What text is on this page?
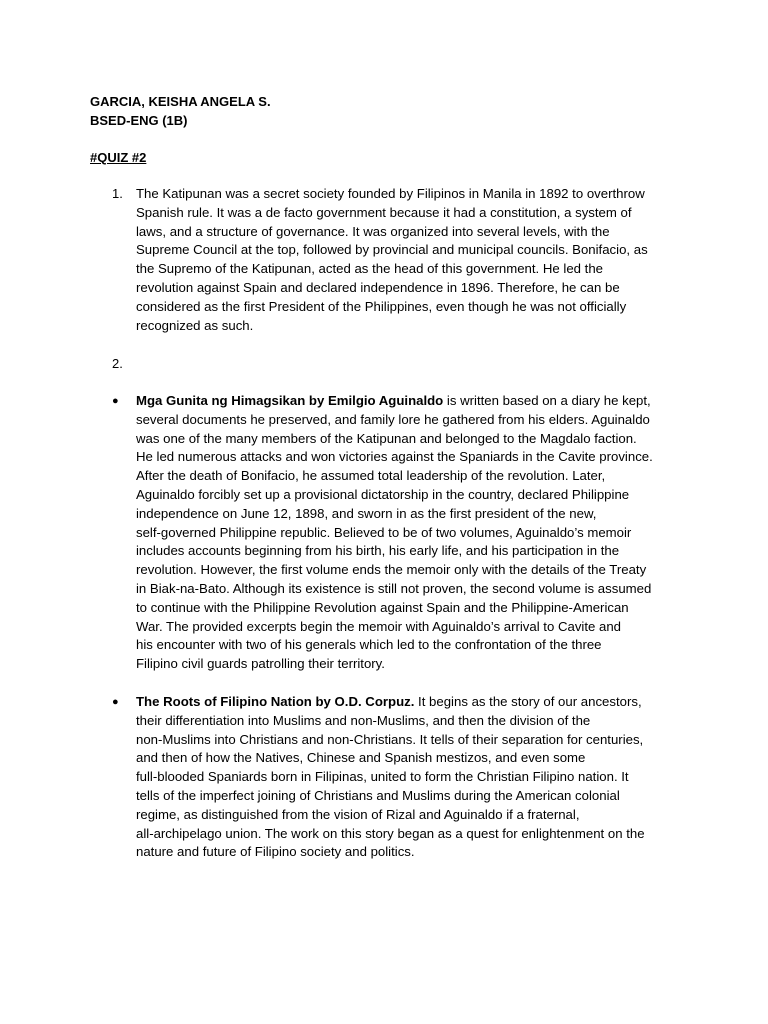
GARCIA, KEISHA ANGELA S.
BSED-ENG (1B)
#QUIZ #2
1. The Katipunan was a secret society founded by Filipinos in Manila in 1892 to overthrow
Spanish rule. It was a de facto government because it had a constitution, a system of
laws, and a structure of governance. It was organized into several levels, with the
Supreme Council at the top, followed by provincial and municipal councils. Bonifacio, as
the Supremo of the Katipunan, acted as the head of this government. He led the
revolution against Spain and declared independence in 1896. Therefore, he can be
considered as the first President of the Philippines, even though he was not officially
recognized as such.
2.
● Mga Gunita ng Himagsikan by Emilgio Aguinaldo is written based on a diary he kept,
several documents he preserved, and family lore he gathered from his elders. Aguinaldo
was one of the many members of the Katipunan and belonged to the Magdalo faction.
He led numerous attacks and won victories against the Spaniards in the Cavite province.
After the death of Bonifacio, he assumed total leadership of the revolution. Later,
Aguinaldo forcibly set up a provisional dictatorship in the country, declared Philippine
independence on June 12, 1898, and sworn in as the first president of the new,
self-governed Philippine republic. Believed to be of two volumes, Aguinaldo’s memoir
includes accounts beginning from his birth, his early life, and his participation in the
revolution. However, the first volume ends the memoir only with the details of the Treaty
in Biak-na-Bato. Although its existence is still not proven, the second volume is assumed
to continue with the Philippine Revolution against Spain and the Philippine-American
War. The provided excerpts begin the memoir with Aguinaldo’s arrival to Cavite and
his encounter with two of his generals which led to the confrontation of the three
Filipino civil guards patrolling their territory.
● The Roots of Filipino Nation by O.D. Corpuz. It begins as the story of our ancestors,
their differentiation into Muslims and non-Muslims, and then the division of the
non-Muslims into Christians and non-Christians. It tells of their separation for centuries,
and then of how the Natives, Chinese and Spanish mestizos, and even some
full-blooded Spaniards born in Filipinas, united to form the Christian Filipino nation. It
tells of the imperfect joining of Christians and Muslims during the American colonial
regime, as distinguished from the vision of Rizal and Aguinaldo if a fraternal,
all-archipelago union. The work on this story began as a quest for enlightenment on the
nature and future of Filipino society and politics.
